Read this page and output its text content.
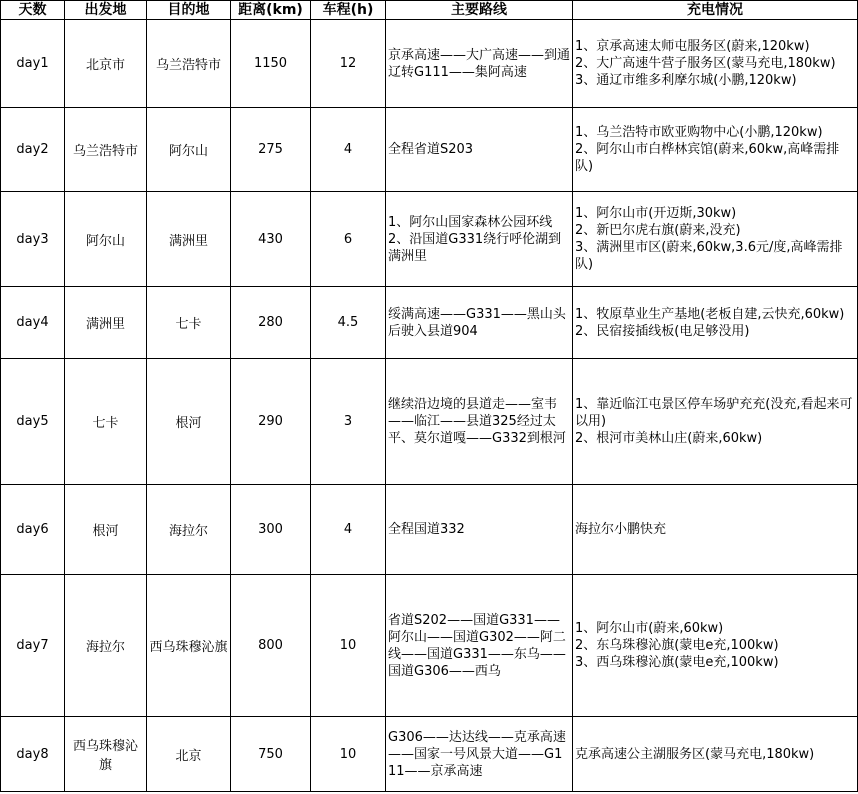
天数	出发地	目的地	距离(km)	车程(h)	主要路线	充电情况
day1	北京市	乌兰浩特市	1150	12	京承高速——大广高速——到通辽转G111——集阿高速	1、京承高速太师屯服务区(蔚来,120kw)
2、大广高速牛营子服务区(蒙马充电,180kw)
3、通辽市维多利摩尔城(小鹏,120kw)

day2	乌兰浩特市	阿尔山	275	4	全程省道S203	1、乌兰浩特市欧亚购物中心(小鹏,120kw)
2、阿尔山市白桦林宾馆(蔚来,60kw,高峰需排队)

day3	阿尔山	满洲里	430	6	1、阿尔山国家森林公园环线
2、沿国道G331绕行呼伦湖到满洲里	1、阿尔山市(开迈斯,30kw)
2、新巴尔虎右旗(蔚来,没充)
3、满洲里市区(蔚来,60kw,3.6元/度,高峰需排队)

day4	满洲里	七卡	280	4.5	绥满高速——G331——黑山头后驶入县道904	1、牧原草业生产基地(老板自建,云快充,60kw)
2、民宿接插线板(电足够没用)

day5	七卡	根河	290	3	继续沿边境的县道走——室韦——临江——县道325经过太平、莫尔道嘎——G332到根河	1、靠近临江屯景区停车场驴充充(没充,看起来可以用)
2、根河市美林山庄(蔚来,60kw)

day6	根河	海拉尔	300	4	全程国道332	海拉尔小鹏快充

day7	海拉尔	西乌珠穆沁旗	800	10	省道S202——国道G331——阿尔山——国道G302——阿二线——国道G331——东乌——国道G306——西乌	1、阿尔山市(蔚来,60kw)
2、东乌珠穆沁旗(蒙电e充,100kw)
3、西乌珠穆沁旗(蒙电e充,100kw)

day8	西乌珠穆沁旗	北京	750	10	G306——达达线——克承高速——国家一号风景大道——G111——京承高速	克承高速公主湖服务区(蒙马充电,180kw)
